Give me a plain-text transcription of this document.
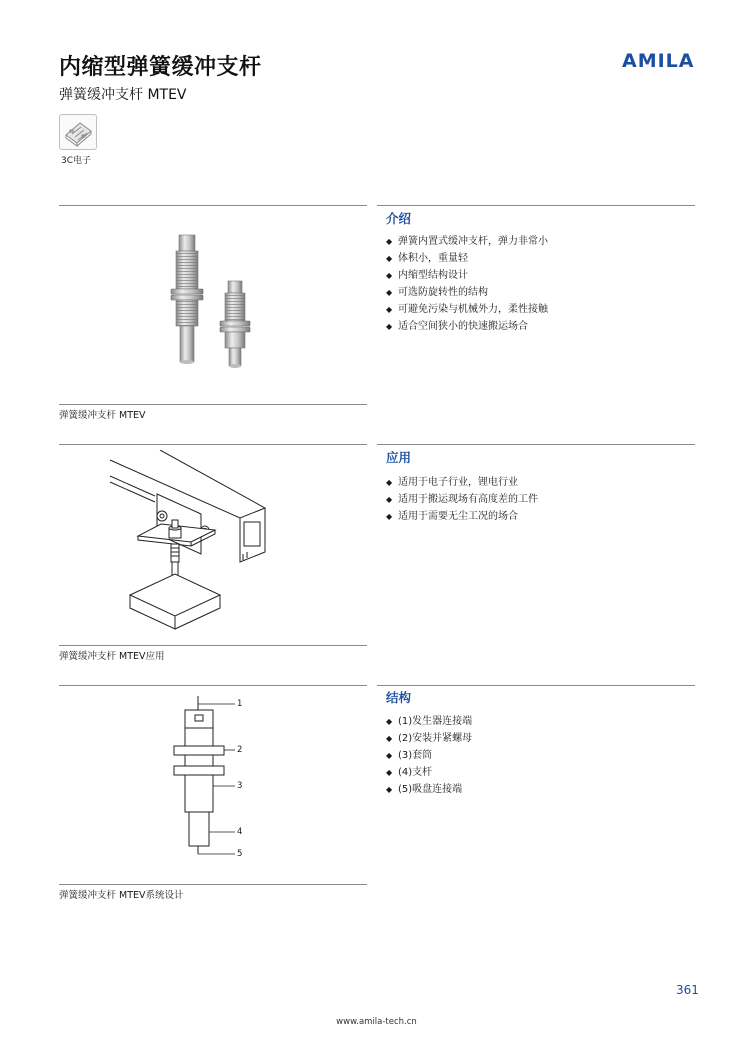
内缩型弹簧缓冲支杆
弹簧缓冲支杆 MTEV
AMILA
3C电子
弹簧缓冲支杆 MTEV
介绍
◆ 弹簧内置式缓冲支杆，弹力非常小
◆ 体积小，重量轻
◆ 内缩型结构设计
◆ 可选防旋转性的结构
◆ 可避免污染与机械外力，柔性接触
◆ 适合空间狭小的快速搬运场合
弹簧缓冲支杆 MTEV应用
应用
◆ 适用于电子行业，锂电行业
◆ 适用于搬运现场有高度差的工件
◆ 适用于需要无尘工况的场合
1
2
3
4
5
弹簧缓冲支杆 MTEV系统设计
结构
◆ (1)发生器连接端
◆ (2)安装并紧螺母
◆ (3)套筒
◆ (4)支杆
◆ (5)吸盘连接端
361
www.amila-tech.cn
